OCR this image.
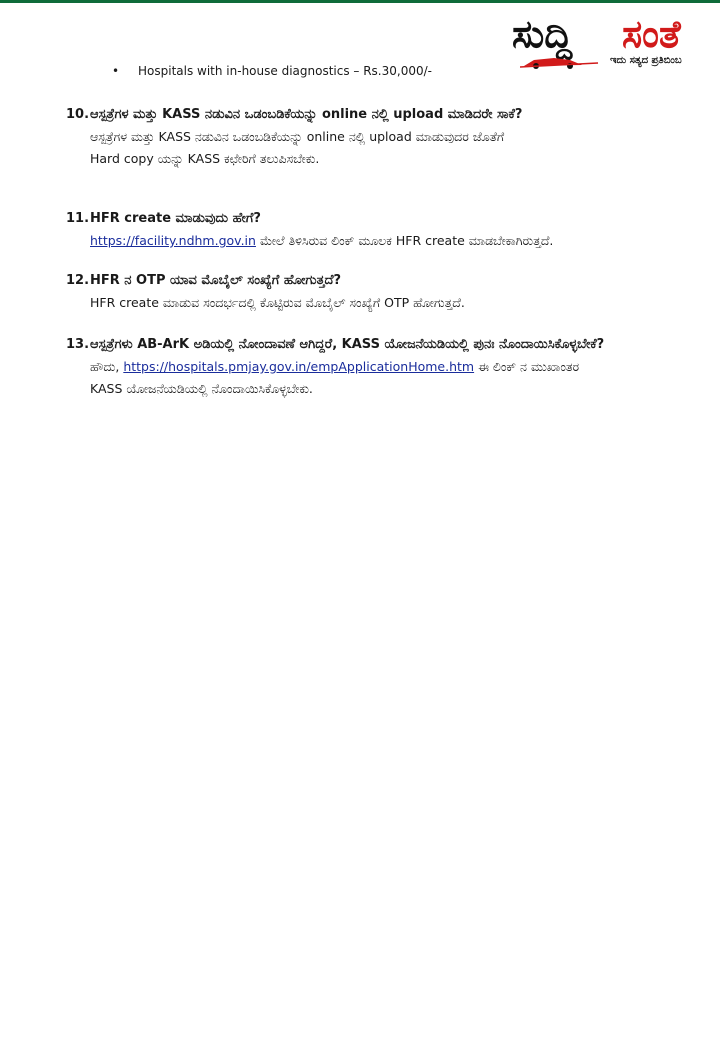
ಸುದ್ದಿ ಸಂತೆ
ಇದು ಸತ್ಯದ ಪ್ರತಿಬಿಂಬ
• Hospitals with in-house diagnostics – Rs.30,000/-
10. ಆಸ್ಪತ್ರೆಗಳ ಮತ್ತು KASS ನಡುವಿನ ಒಡಂಬಡಿಕೆಯನ್ನು online ನಲ್ಲಿ upload ಮಾಡಿದರೇ ಸಾಕೆ?
ಆಸ್ಪತ್ರೆಗಳ ಮತ್ತು KASS ನಡುವಿನ ಒಡಂಬಡಿಕೆಯನ್ನು online ನಲ್ಲಿ upload ಮಾಡುವುದರ ಜೊತೆಗೆ
Hard copy ಯನ್ನು KASS ಕಛೇರಿಗೆ ತಲುಪಿಸಬೇಕು.
11. HFR create ಮಾಡುವುದು ಹೇಗೆ?
https://facility.ndhm.gov.in ಮೇಲೆ ತಿಳಿಸಿರುವ ಲಿಂಕ್ ಮೂಲಕ HFR create ಮಾಡಬೇಕಾಗಿರುತ್ತದೆ.
12. HFR ನ OTP ಯಾವ ಮೊಬೈಲ್ ಸಂಖ್ಯೆಗೆ ಹೋಗುತ್ತದೆ?
HFR create ಮಾಡುವ ಸಂದರ್ಭದಲ್ಲಿ ಕೊಟ್ಟಿರುವ ಮೊಬೈಲ್ ಸಂಖ್ಯೆಗೆ OTP ಹೋಗುತ್ತದೆ.
13. ಆಸ್ಪತ್ರೆಗಳು AB-ArK ಅಡಿಯಲ್ಲಿ ನೋಂದಾವಣೆ ಆಗಿದ್ದರೆ, KASS ಯೋಜನೆಯಡಿಯಲ್ಲಿ ಪುನಃ ನೊಂದಾಯಿಸಿಕೊಳ್ಳಬೇಕೆ?
ಹೌದು, https://hospitals.pmjay.gov.in/empApplicationHome.htm ಈ ಲಿಂಕ್ ನ ಮುಖಾಂತರ
KASS ಯೋಜನೆಯಡಿಯಲ್ಲಿ ನೊಂದಾಯಿಸಿಕೊಳ್ಳಬೇಕು.
